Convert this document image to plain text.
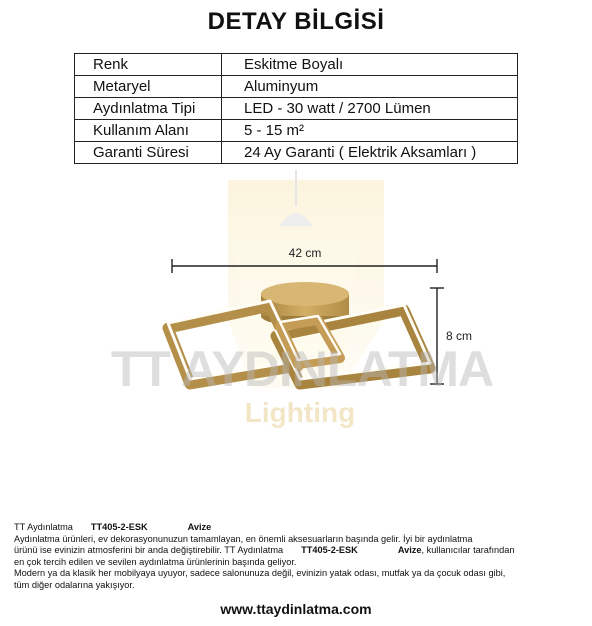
DETAY BİLGİSİ
Renk	Eskitme Boyalı
Metaryel	Aluminyum
Aydınlatma Tipi	LED - 30 watt / 2700 Lümen
Kullanım Alanı	5 - 15 m²
Garanti Süresi	24 Ay Garanti ( Elektrik Aksamları )
42 cm
8 cm
TT AYDINLATMA
Lighting
TT Aydınlatma TT405-2-ESK	Avize
Aydınlatma ürünleri, ev dekorasyonunuzun tamamlayan, en önemli aksesuarların başında gelir. İyi bir aydınlatma
ürünü ise evinizin atmosferini bir anda değiştirebilir. TT Aydınlatma TT405-2-ESK	Avize, kullanıcılar tarafından
en çok tercih edilen ve sevilen aydınlatma ürünlerinin başında geliyor.
Modern ya da klasik her mobilyaya uyuyor, sadece salonunuza değil, evinizin yatak odası, mutfak ya da çocuk odası gibi,
tüm diğer odalarına yakışıyor.
www.ttaydinlatma.com
